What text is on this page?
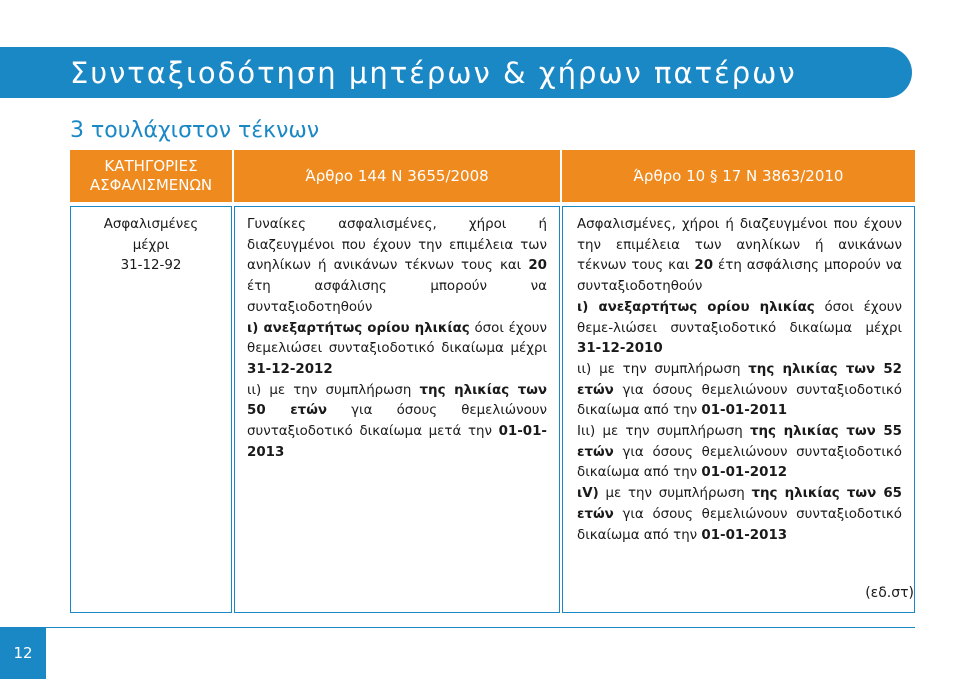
Συνταξιοδότηση μητέρων & χήρων πατέρων
3 τουλάχιστον τέκνων
ΚΑΤΗΓΟΡΙΕΣ ΑΣΦΑΛΙΣΜΕΝΩΝ
Άρθρο 144 Ν 3655/2008	Άρθρο 10 § 17 Ν 3863/2010

Ασφαλισμένες

μέχρι

31-12-92

Γυναίκες ασφαλισμένες, χήροι ή διαζευγμένοι που έχουν την επιμέλεια των ανηλίκων ή ανικάνων τέκνων τους και 20 έτη ασφάλισης μπορούν να συνταξιοδοτηθούν

ι) ανεξαρτήτως ορίου ηλικίας όσοι έχουν θεμελιώσει συνταξιοδοτικό δικαίωμα μέχρι 31-12-2012

ιι) με την συμπλήρωση της ηλικίας των 50 ετών για όσους θεμελιώνουν συνταξιοδοτικό δικαίωμα μετά την 01-01-2013

Ασφαλισμένες, χήροι ή διαζευγμένοι που έχουν την επιμέλεια των ανηλίκων ή ανικάνων τέκνων τους και 20 έτη ασφάλισης μπορούν να συνταξιοδοτηθούν

ι) ανεξαρτήτως ορίου ηλικίας όσοι έχουν θεμε-λιώσει συνταξιοδοτικό δικαίωμα μέχρι 31-12-2010

ιι) με την συμπλήρωση της ηλικίας των 52 ετών για όσους θεμελιώνουν συνταξιοδοτικό δικαίωμα από την 01-01-2011

Ιιι) με την συμπλήρωση της ηλικίας των 55 ετών για όσους θεμελιώνουν συνταξιοδοτικό δικαίωμα από την 01-01-2012

ιV) με την συμπλήρωση της ηλικίας των 65 ετών για όσους θεμελιώνουν συνταξιοδοτικό δικαίωμα από την 01-01-2013

(εδ.στ)
12
